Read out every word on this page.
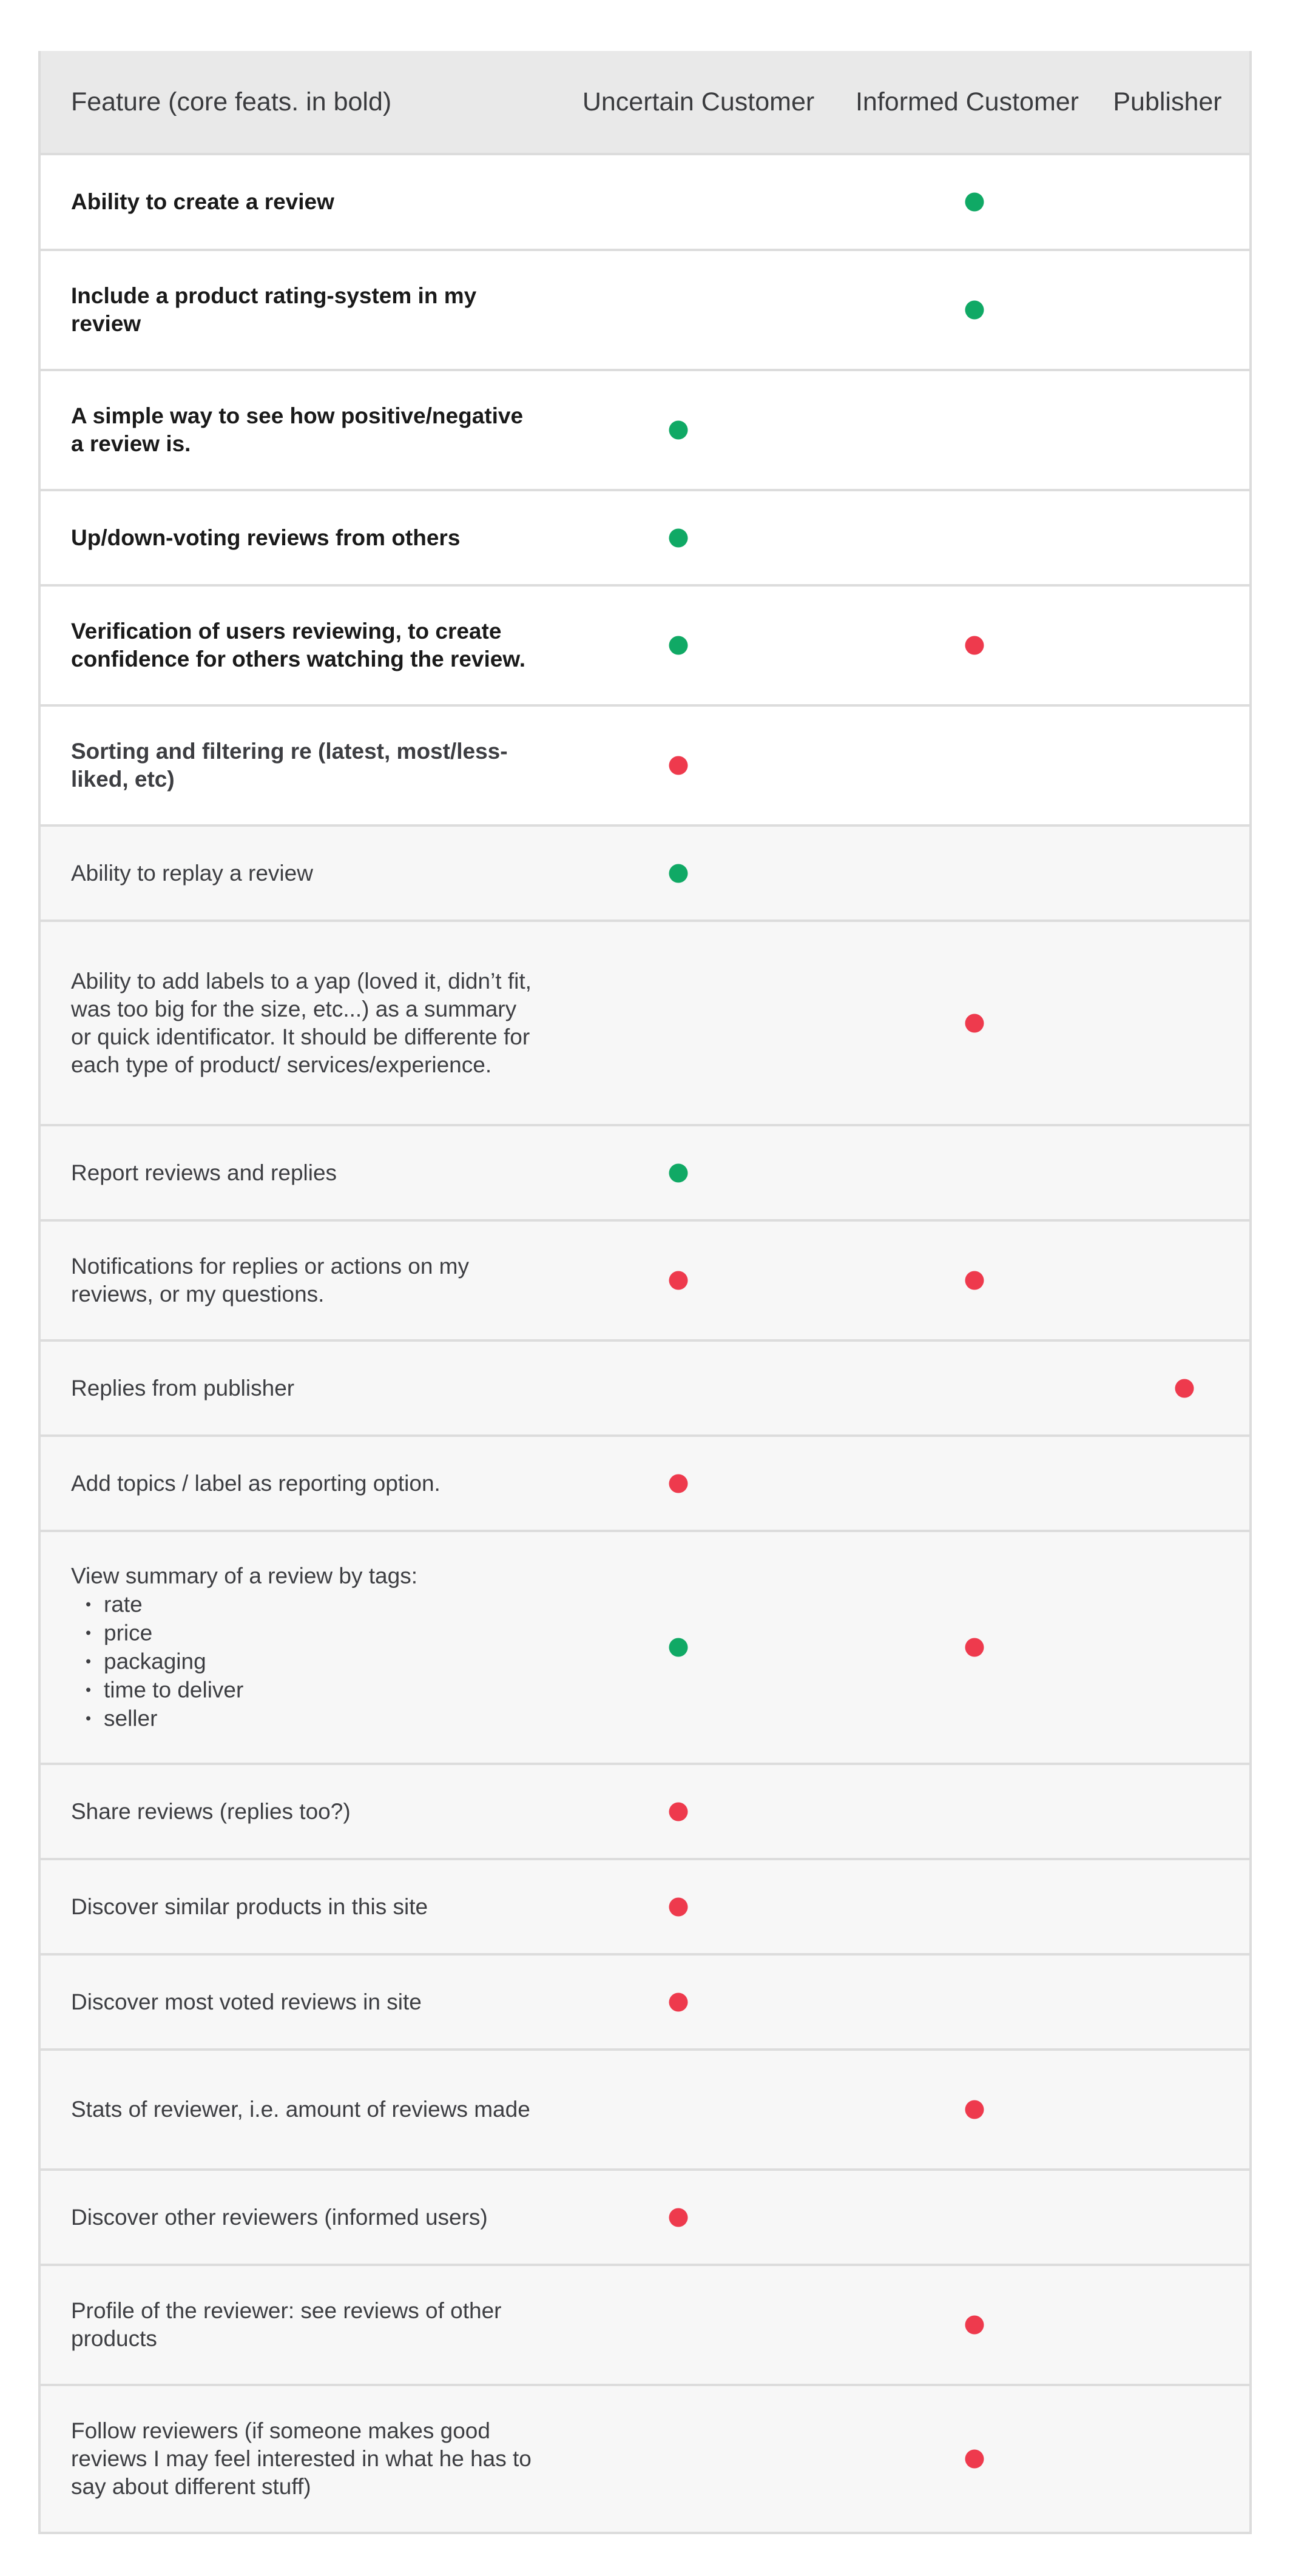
Feature (core feats. in bold)	Uncertain Customer Informed Customer	Publisher
Ability to create a review
Include a product rating-system in my review
A simple way to see how positive/negative a review is.
Up/down-voting reviews from others
Verification of users reviewing, to create confidence for others watching the review.
Sorting and filtering re (latest, most/less-liked, etc)
Ability to replay a review
Ability to add labels to a yap (loved it, didn’t fit, was too big for the size, etc...) as a summary or quick identificator. It should be differente for each type of product/ services/experience.
Report reviews and replies
Notifications for replies or actions on my reviews, or my questions.
Replies from publisher
Add topics / label as reporting option.
View summary of a review by tags:
• rate
• price
• packaging
• time to deliver
• seller
Share reviews (replies too?)
Discover similar products in this site
Discover most voted reviews in site
Stats of reviewer, i.e. amount of reviews made
Discover other reviewers (informed users)
Profile of the reviewer: see reviews of other products
Follow reviewers (if someone makes good reviews I may feel interested in what he has to say about different stuff)
